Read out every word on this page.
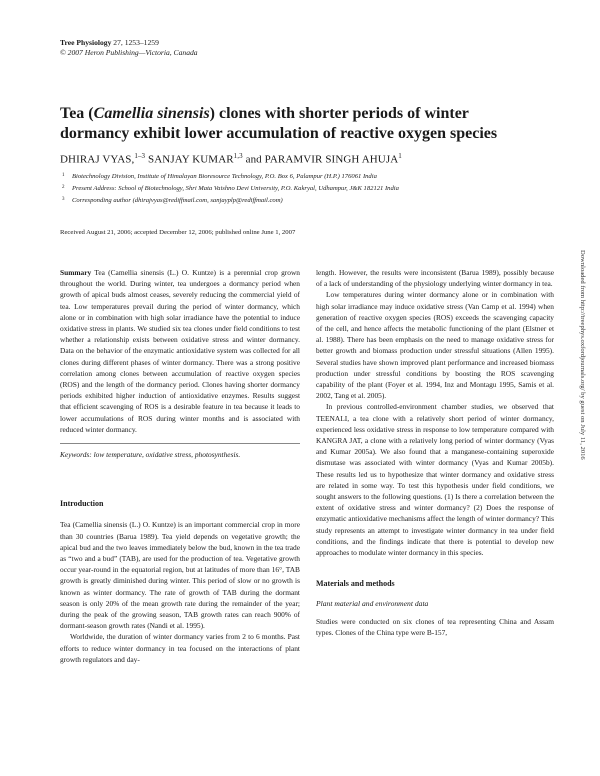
Tree Physiology 27, 1253–1259
© 2007 Heron Publishing—Victoria, Canada
Tea (Camellia sinensis) clones with shorter periods of winter dormancy exhibit lower accumulation of reactive oxygen species
DHIRAJ VYAS,$^{1-3}$ SANJAY KUMAR$^{1,3}$ and PARAMVIR SINGH AHUJA$^1$
1 Biotechnology Division, Institute of Himalayan Bioresource Technology, P.O. Box 6, Palampur (H.P.) 176061 India
2 Present Address: School of Biotechnology, Shri Mata Vaishno Devi University, P.O. Kakryal, Udhampur, J&K 182121 India
3 Corresponding author (dhirajvyas@rediffmail.com, sanjayplp@rediffmail.com)
Received August 21, 2006; accepted December 12, 2006; published online June 1, 2007

Summary Tea (Camellia sinensis (L.) O. Kuntze) is a perennial crop grown throughout the world. During winter, tea undergoes a dormancy period when growth of apical buds almost ceases, severely reducing the commercial yield of tea. Low temperatures prevail during the period of winter dormancy, which alone or in combination with high solar irradiance have the potential to induce oxidative stress in plants. We studied six tea clones under field conditions to test whether a relationship exists between oxidative stress and winter dormancy. Data on the behavior of the enzymatic antioxidative system was collected for all clones during different phases of winter dormancy. There was a strong positive correlation among clones between accumulation of reactive oxygen species (ROS) and the length of the dormancy period. Clones having shorter dormancy periods exhibited higher induction of antioxidative enzymes. Results suggest that efficient scavenging of ROS is a desirable feature in tea because it leads to lower accumulations of ROS during winter months and is associated with reduced winter dormancy.

Keywords: low temperature, oxidative stress, photosynthesis.

Introduction

Tea (Camellia sinensis (L.) O. Kuntze) is an important commercial crop in more than 30 countries (Barua 1989). Tea yield depends on vegetative growth; the apical bud and the two leaves immediately below the bud, known in the tea trade as “two and a bud” (TAB), are used for the production of tea. Vegetative growth occur year-round in the equatorial region, but at latitudes of more than 16°, TAB growth is greatly diminished during winter. This period of slow or no growth is known as winter dormancy. The rate of growth of TAB during the dormant season is only 20% of the mean growth rate during the remainder of the year; during the peak of the growing season, TAB growth rates can reach 900% of dormant-season growth rates (Nandi et al. 1995).

Worldwide, the duration of winter dormancy varies from 2 to 6 months. Past efforts to reduce winter dormancy in tea focused on the interactions of plant growth regulators and day-

length. However, the results were inconsistent (Barua 1989), possibly because of a lack of understanding of the physiology underlying winter dormancy in tea.

Low temperatures during winter dormancy alone or in combination with high solar irradiance may induce oxidative stress (Van Camp et al. 1994) when generation of reactive oxygen species (ROS) exceeds the scavenging capacity of the cell, and hence affects the metabolic functioning of the plant (Elstner et al. 1988). There has been emphasis on the need to manage oxidative stress for better growth and biomass production under stressful situations (Allen 1995). Several studies have shown improved plant performance and increased biomass production under stressful conditions by boosting the ROS scavenging capability of the plant (Foyer et al. 1994, Inz and Montagu 1995, Samis et al. 2002, Tang et al. 2005).

In previous controlled-environment chamber studies, we observed that TEENALI, a tea clone with a relatively short period of winter dormancy, experienced less oxidative stress in response to low temperature compared with KANGRA JAT, a clone with a relatively long period of winter dormancy (Vyas and Kumar 2005a). We also found that a manganese-containing superoxide dismutase was associated with winter dormancy (Vyas and Kumar 2005b). These results led us to hypothesize that winter dormancy and oxidative stress are related in some way. To test this hypothesis under field conditions, we sought answers to the following questions. (1) Is there a correlation between the extent of oxidative stress and winter dormancy? (2) Does the response of enzymatic antioxidative mechanisms affect the length of winter dormancy? This study represents an attempt to investigate winter dormancy in tea under field conditions, and the findings indicate that there is potential to develop new approaches to modulate winter dormancy in this species.

Materials and methods

Plant material and environment data

Studies were conducted on six clones of tea representing China and Assam types. Clones of the China type were B-157,

Downloaded from http://treephys.oxfordjournals.org/ by guest on July 11, 2016
